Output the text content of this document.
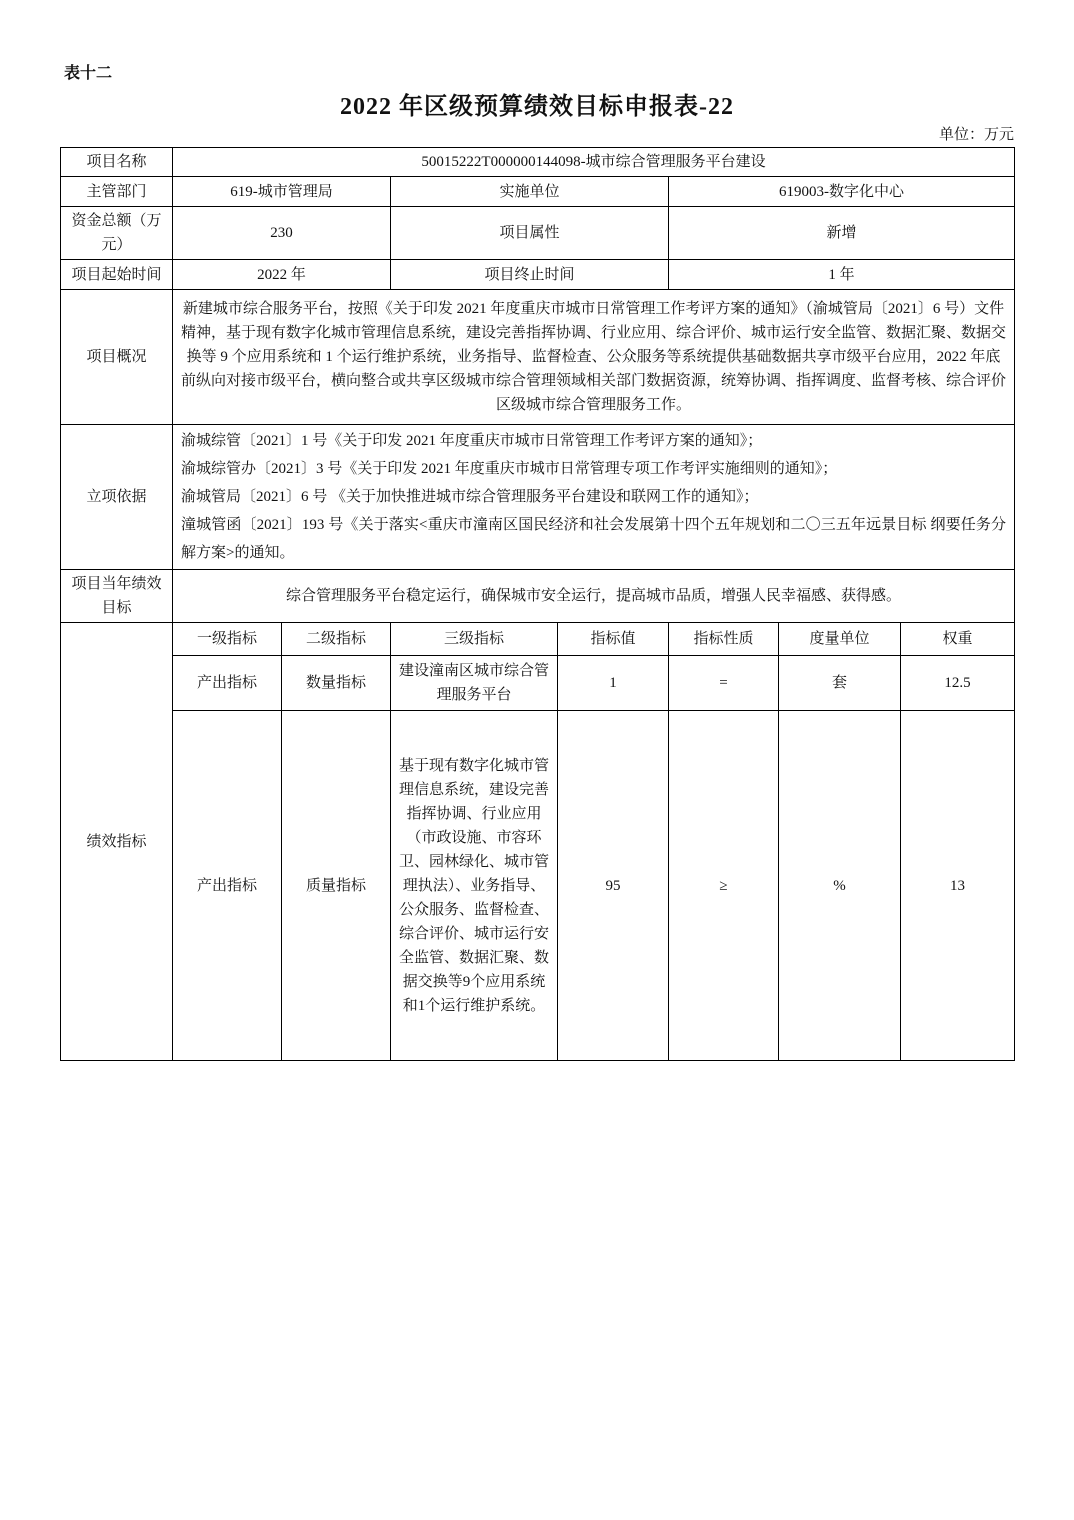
表十二
2022 年区级预算绩效目标申报表-22
单位：万元
项目名称	50015222T000000144098-城市综合管理服务平台建设						
主管部门	619-城市管理局		实施单位		619003-数字化中心		
资金总额（万元）	230		项目属性		新增		
项目起始时间	2022 年		项目终止时间		1 年		
项目概况	新建城市综合服务平台，按照《关于印发 2021 年度重庆市城市日常管理工作考评方案的通知》（渝城管局〔2021〕6 号）文件精神，基于现有数字化城市管理信息系统，建设完善指挥协调、行业应用、综合评价、城市运行安全监管、数据汇聚、数据交换等 9 个应用系统和 1 个运行维护系统，业务指导、监督检查、公众服务等系统提供基础数据共享市级平台应用，2022 年底前纵向对接市级平台，横向整合或共享区级城市综合管理领域相关部门数据资源，统筹协调、指挥调度、监督考核、综合评价区级城市综合管理服务工作。						
立项依据	渝城综管〔2021〕1 号《关于印发 2021 年度重庆市城市日常管理工作考评方案的通知》；
渝城综管办〔2021〕3 号《关于印发 2021 年度重庆市城市日常管理专项工作考评实施细则的通知》；
渝城管局〔2021〕6 号 《关于加快推进城市综合管理服务平台建设和联网工作的通知》；
潼城管函〔2021〕193 号《关于落实<重庆市潼南区国民经济和社会发展第十四个五年规划和二〇三五年远景目标 纲要任务分解方案>的通知。						

项目当年绩效目标	综合管理服务平台稳定运行，确保城市安全运行，提高城市品质，增强人民幸福感、获得感。						
绩效指标	一级指标	二级指标	三级指标	指标值	指标性质	度量单位	权重
	产出指标	数量指标	建设潼南区城市综合管理服务平台	1	=	套	12.5
	产出指标	质量指标	基于现有数字化城市管理信息系统，建设完善指挥协调、行业应用（市政设施、市容环卫、园林绿化、城市管理执法）、业务指导、公众服务、监督检查、综合评价、城市运行安全监管、数据汇聚、数据交换等9个应用系统和1个运行维护系统。	95	≥	%	13
